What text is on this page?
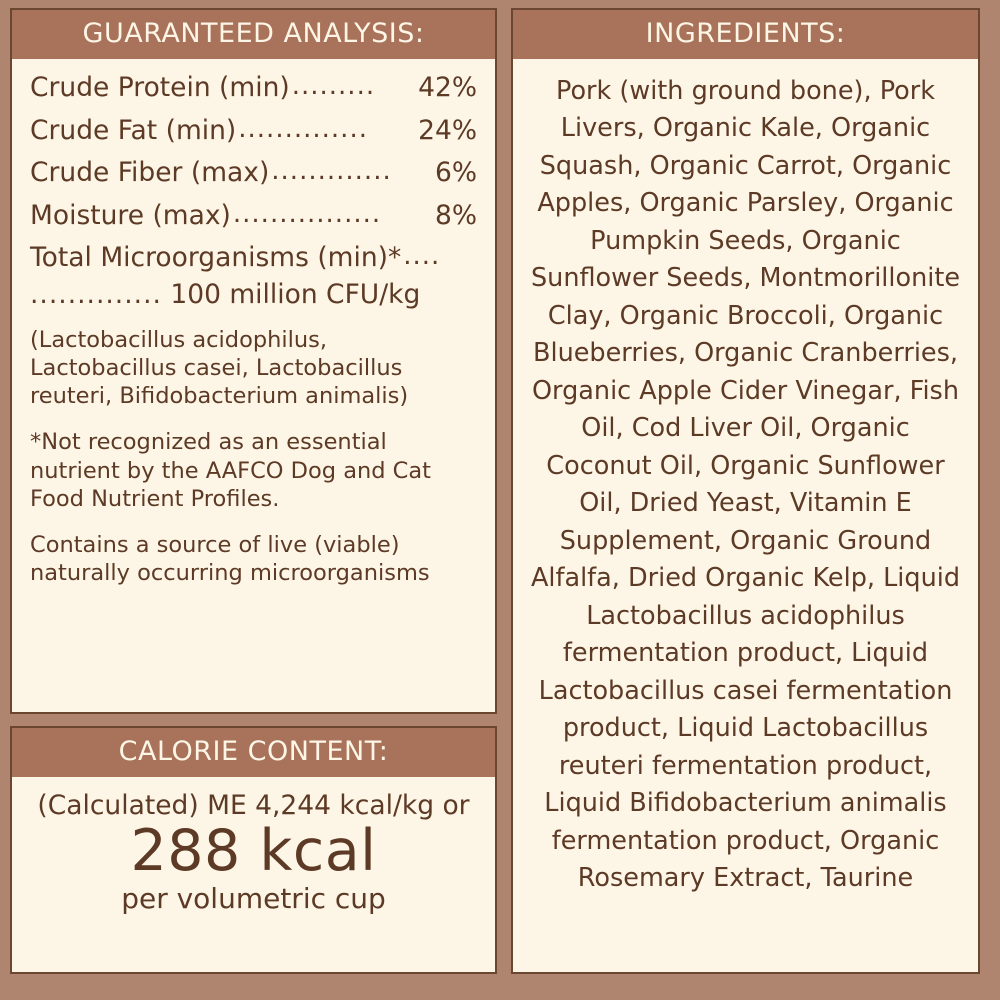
GUARANTEED ANALYSIS:
Crude Protein (min) .........	42%
Crude Fat (min) ..............	24%
Crude Fiber (max) .............	6%
Moisture (max) ................	8%
Total Microorganisms (min)* ....
.............. 100 million CFU/kg

(Lactobacillus acidophilus, Lactobacillus casei, Lactobacillus reuteri, Bifidobacterium animalis)

*Not recognized as an essential nutrient by the AAFCO Dog and Cat Food Nutrient Profiles.

Contains a source of live (viable) naturally occurring microorganisms

CALORIE CONTENT:

(Calculated) ME 4,244 kcal/kg or

288 kcal

per volumetric cup

INGREDIENTS:
Pork (with ground bone), Pork Livers, Organic Kale, Organic Squash, Organic Carrot, Organic Apples, Organic Parsley, Organic Pumpkin Seeds, Organic Sunflower Seeds, Montmorillonite Clay, Organic Broccoli, Organic Blueberries, Organic Cranberries, Organic Apple Cider Vinegar, Fish Oil, Cod Liver Oil, Organic Coconut Oil, Organic Sunflower Oil, Dried Yeast, Vitamin E Supplement, Organic Ground Alfalfa, Dried Organic Kelp, Liquid Lactobacillus acidophilus fermentation product, Liquid Lactobacillus casei fermentation product, Liquid Lactobacillus reuteri fermentation product, Liquid Bifidobacterium animalis fermentation product, Organic Rosemary Extract, Taurine
